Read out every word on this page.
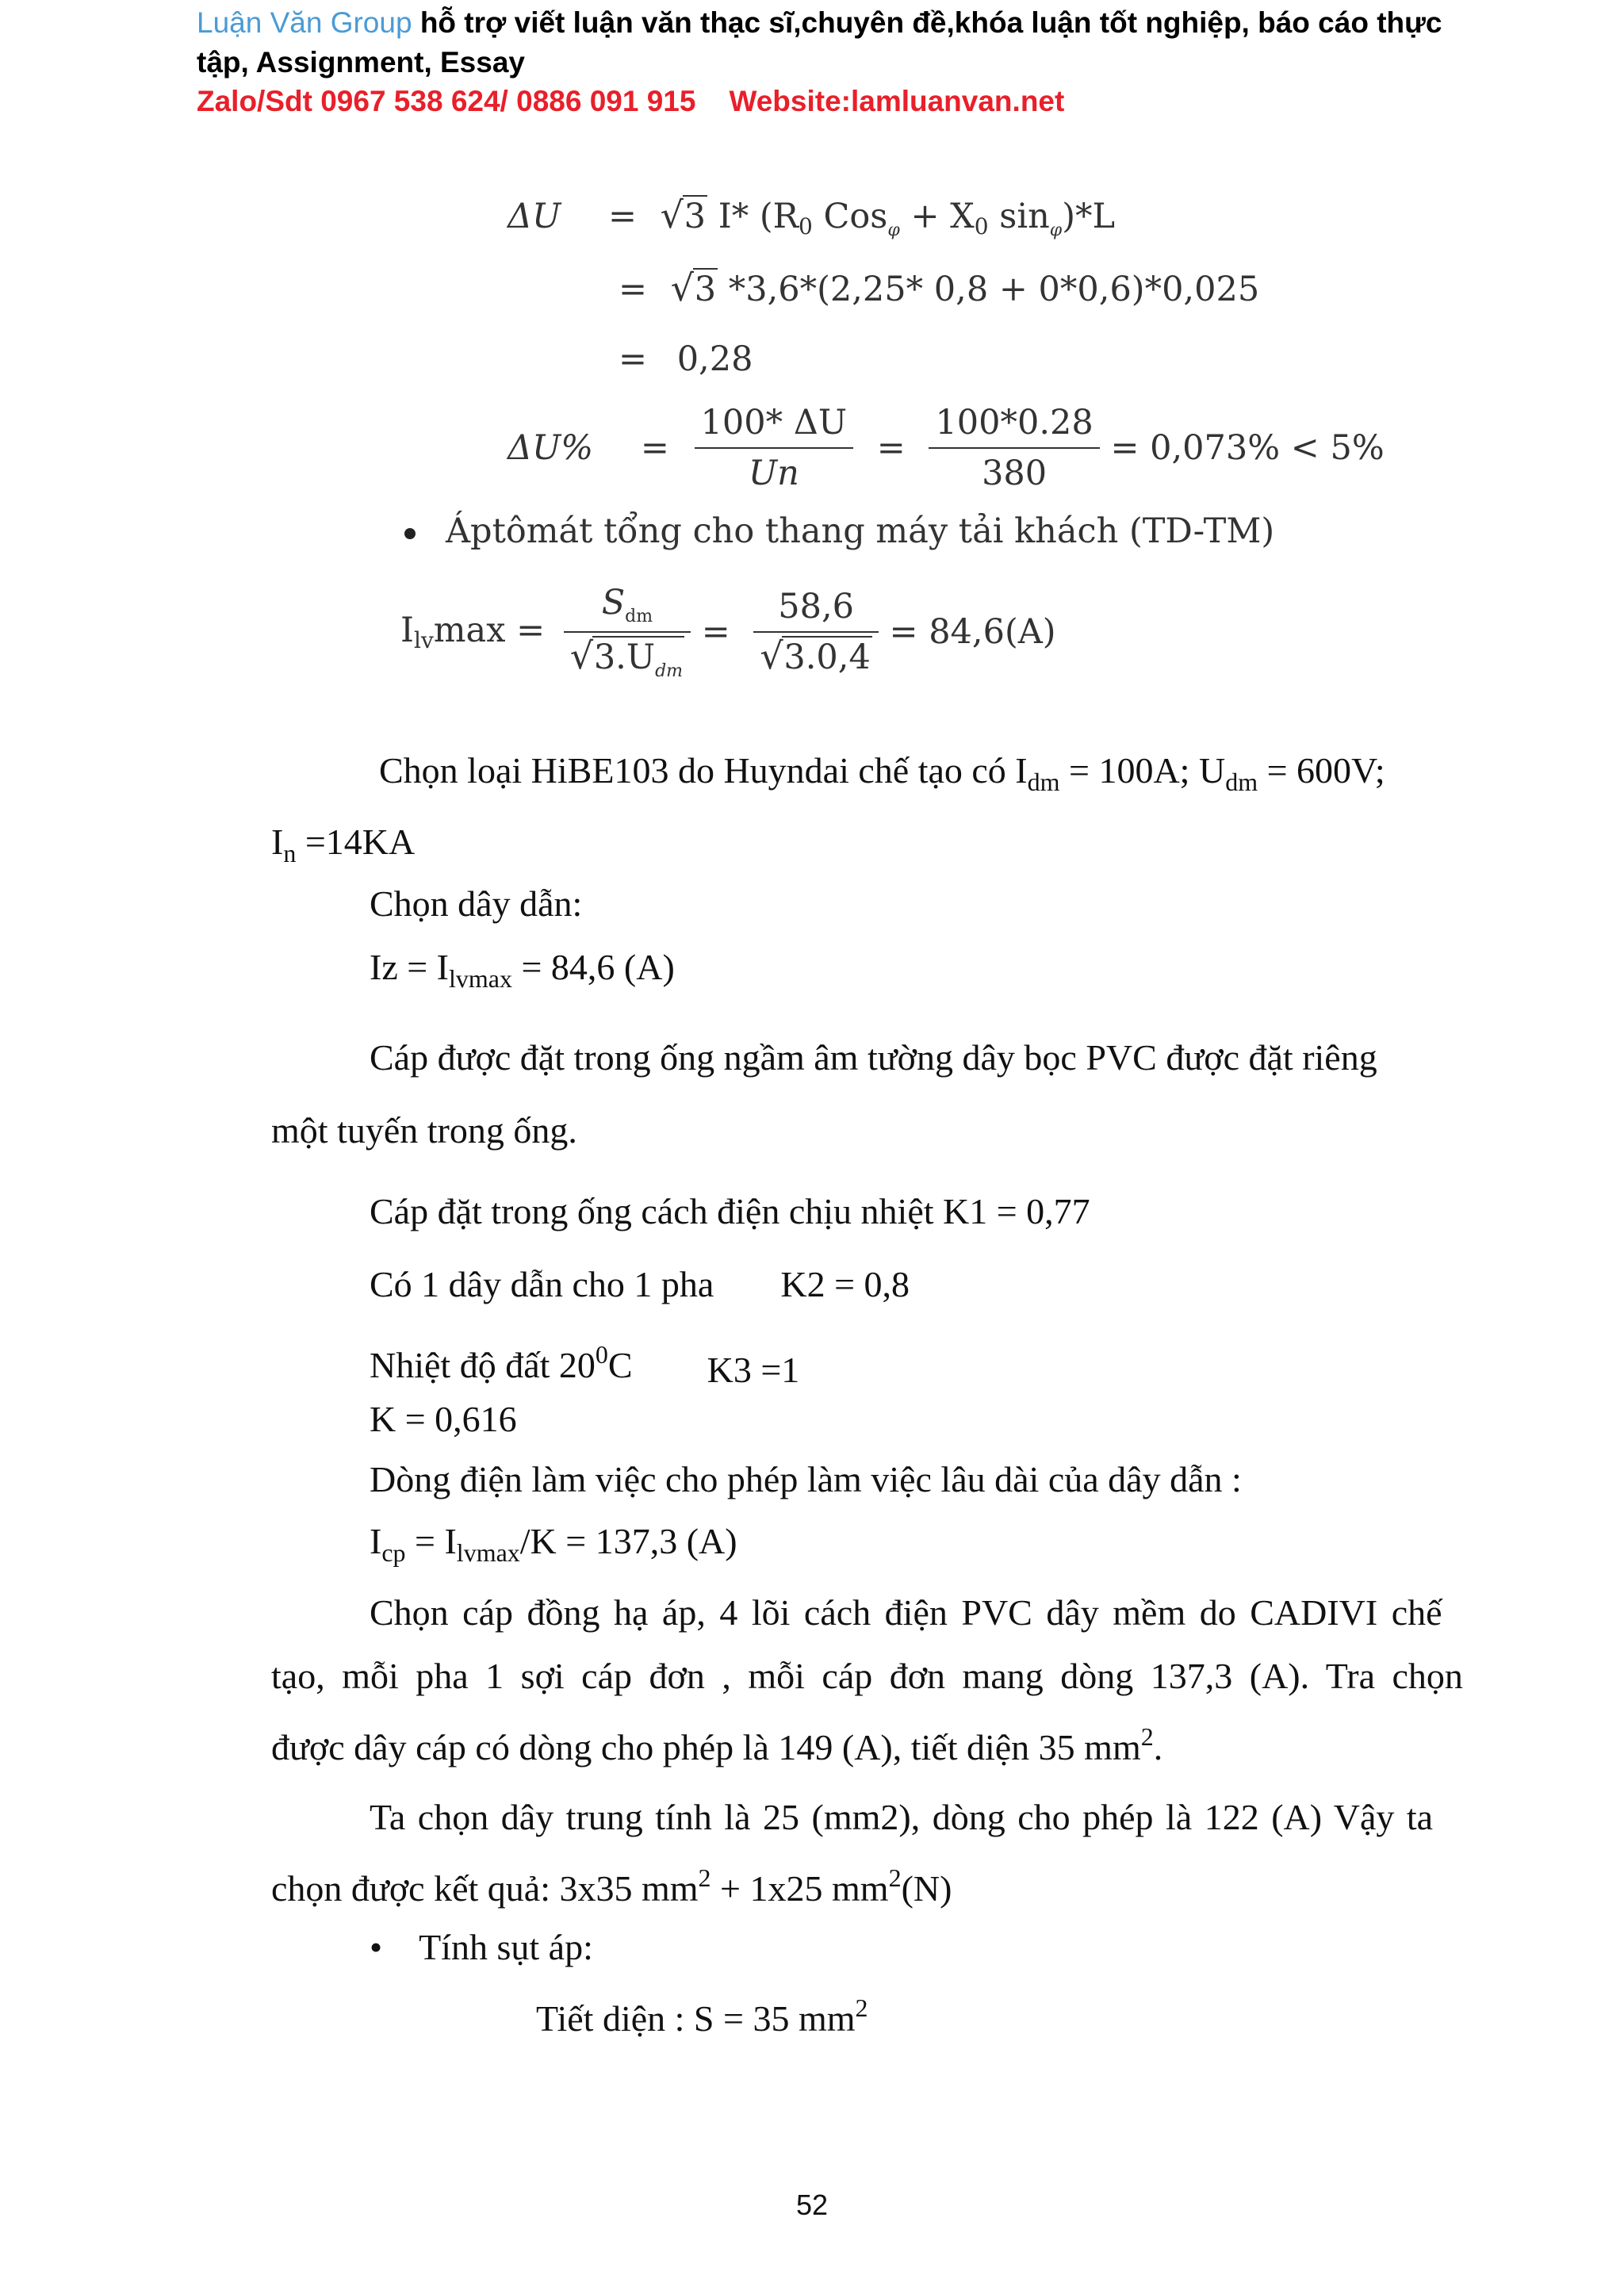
Luận Văn Group hỗ trợ viết luận văn thạc sĩ,chuyên đề,khóa luận tốt nghiệp, báo cáo thực
tập, Assignment, Essay
Zalo/Sdt 0967 538 624/ 0886 091 915 Website:lamluanvan.net
ΔU = √ 3 I* ($R_0$ $Cos_\varphi + X_0$ $\sin_\varphi)*L$
= √ 3 *3,6*(2,25* 0,8 + 0*0,6)*0,025
= 0,28
$\Delta U\% = \frac{100* \Delta U}{Un} = \frac{100*0.28}{380} = 0,073\% < 5\%$
Áptômát tổng cho thang máy tải khách (TD-TM)
$I_{lv}\max = S_{dm}$
√ $3.U_{dm} = 58,6$
√ 3.0,4 = 84,6(A)
Chọn loại HiBE103 do Huyndai chế tạo có $I_{dm} = 100A$; $U_{dm} = 600V$;
$I_n =14KA$
Chọn dây dẫn:
$Iz = I_{lvmax} = 84,6$ (A)
Cáp được đặt trong ống ngầm âm tường dây bọc PVC được đặt riêng
một tuyến trong ống.
Cáp đặt trong ống cách điện chịu nhiệt K1 = 0,77
Có 1 dây dẫn cho 1 pha K2 = 0,8
Nhiệt độ đất $20^0C$ K3 =1
K = 0,616
Dòng điện làm việc cho phép làm việc lâu dài của dây dẫn :
$I_{cp} = I_{lvmax}/K = 137,3$ (A)
Chọn cáp đồng hạ áp, 4 lõi cách điện PVC dây mềm do CADIVI chế
tạo, mỗi pha 1 sợi cáp đơn , mỗi cáp đơn mang dòng 137,3 (A). Tra chọn
được dây cáp có dòng cho phép là 149 (A), tiết diện 35 $mm^2$.
Ta chọn dây trung tính là 25 (mm2), dòng cho phép là 122 (A) Vậy ta
chọn được kết quả: 3x35 $mm^2 + 1x25$ $mm^2(N)$
• Tính sụt áp:
Tiết diện : S = 35 $mm^2$
52
